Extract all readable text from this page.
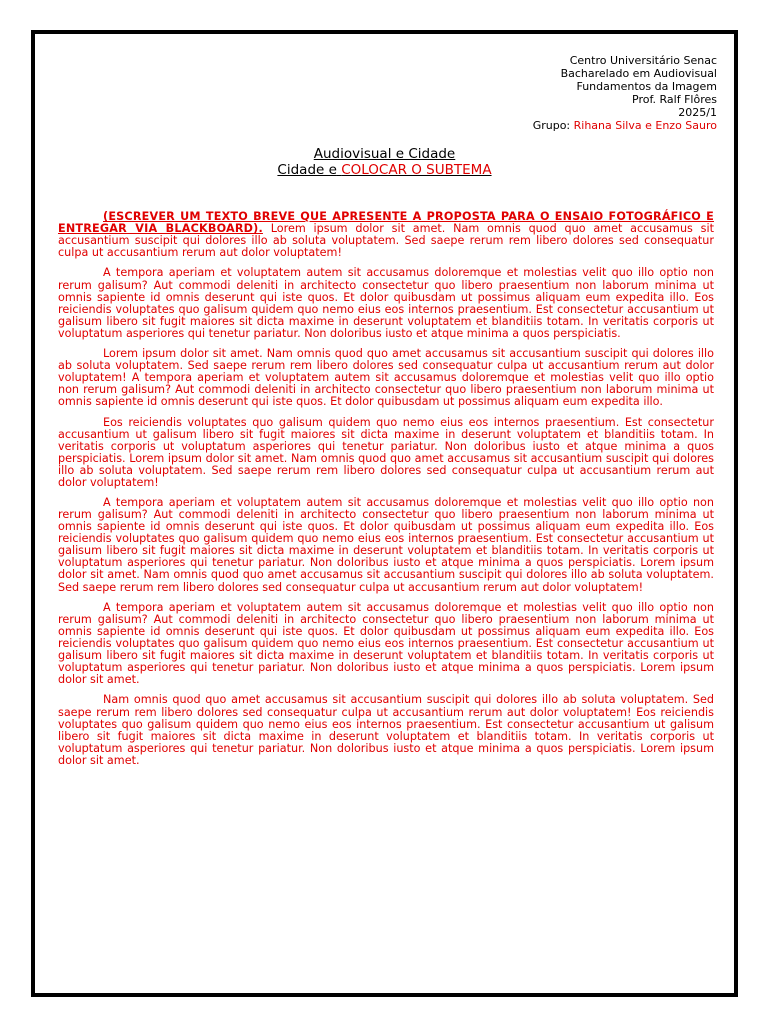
Centro Universitário Senac
Bacharelado em Audiovisual
Fundamentos da Imagem
Prof. Ralf Flôres
2025/1
Grupo: Rihana Silva e Enzo Sauro
Audiovisual e Cidade
Cidade e COLOCAR O SUBTEMA

(ESCREVER UM TEXTO BREVE QUE APRESENTE A PROPOSTA PARA O ENSAIO FOTOGRÁFICO E ENTREGAR VIA BLACKBOARD). Lorem ipsum dolor sit amet. Nam omnis quod quo amet accusamus sit accusantium suscipit qui dolores illo ab soluta voluptatem. Sed saepe rerum rem libero dolores sed consequatur culpa ut accusantium rerum aut dolor voluptatem!

A tempora aperiam et voluptatem autem sit accusamus doloremque et molestias velit quo illo optio non rerum galisum? Aut commodi deleniti in architecto consectetur quo libero praesentium non laborum minima ut omnis sapiente id omnis deserunt qui iste quos. Et dolor quibusdam ut possimus aliquam eum expedita illo. Eos reiciendis voluptates quo galisum quidem quo nemo eius eos internos praesentium. Est consectetur accusantium ut galisum libero sit fugit maiores sit dicta maxime in deserunt voluptatem et blanditiis totam. In veritatis corporis ut voluptatum asperiores qui tenetur pariatur. Non doloribus iusto et atque minima a quos perspiciatis.

Lorem ipsum dolor sit amet. Nam omnis quod quo amet accusamus sit accusantium suscipit qui dolores illo ab soluta voluptatem. Sed saepe rerum rem libero dolores sed consequatur culpa ut accusantium rerum aut dolor voluptatem! A tempora aperiam et voluptatem autem sit accusamus doloremque et molestias velit quo illo optio non rerum galisum? Aut commodi deleniti in architecto consectetur quo libero praesentium non laborum minima ut omnis sapiente id omnis deserunt qui iste quos. Et dolor quibusdam ut possimus aliquam eum expedita illo.

Eos reiciendis voluptates quo galisum quidem quo nemo eius eos internos praesentium. Est consectetur accusantium ut galisum libero sit fugit maiores sit dicta maxime in deserunt voluptatem et blanditiis totam. In veritatis corporis ut voluptatum asperiores qui tenetur pariatur. Non doloribus iusto et atque minima a quos perspiciatis. Lorem ipsum dolor sit amet. Nam omnis quod quo amet accusamus sit accusantium suscipit qui dolores illo ab soluta voluptatem. Sed saepe rerum rem libero dolores sed consequatur culpa ut accusantium rerum aut dolor voluptatem!

A tempora aperiam et voluptatem autem sit accusamus doloremque et molestias velit quo illo optio non rerum galisum? Aut commodi deleniti in architecto consectetur quo libero praesentium non laborum minima ut omnis sapiente id omnis deserunt qui iste quos. Et dolor quibusdam ut possimus aliquam eum expedita illo. Eos reiciendis voluptates quo galisum quidem quo nemo eius eos internos praesentium. Est consectetur accusantium ut galisum libero sit fugit maiores sit dicta maxime in deserunt voluptatem et blanditiis totam. In veritatis corporis ut voluptatum asperiores qui tenetur pariatur. Non doloribus iusto et atque minima a quos perspiciatis. Lorem ipsum dolor sit amet. Nam omnis quod quo amet accusamus sit accusantium suscipit qui dolores illo ab soluta voluptatem. Sed saepe rerum rem libero dolores sed consequatur culpa ut accusantium rerum aut dolor voluptatem!

A tempora aperiam et voluptatem autem sit accusamus doloremque et molestias velit quo illo optio non rerum galisum? Aut commodi deleniti in architecto consectetur quo libero praesentium non laborum minima ut omnis sapiente id omnis deserunt qui iste quos. Et dolor quibusdam ut possimus aliquam eum expedita illo. Eos reiciendis voluptates quo galisum quidem quo nemo eius eos internos praesentium. Est consectetur accusantium ut galisum libero sit fugit maiores sit dicta maxime in deserunt voluptatem et blanditiis totam. In veritatis corporis ut voluptatum asperiores qui tenetur pariatur. Non doloribus iusto et atque minima a quos perspiciatis. Lorem ipsum dolor sit amet.

Nam omnis quod quo amet accusamus sit accusantium suscipit qui dolores illo ab soluta voluptatem. Sed saepe rerum rem libero dolores sed consequatur culpa ut accusantium rerum aut dolor voluptatem! Eos reiciendis voluptates quo galisum quidem quo nemo eius eos internos praesentium. Est consectetur accusantium ut galisum libero sit fugit maiores sit dicta maxime in deserunt voluptatem et blanditiis totam. In veritatis corporis ut voluptatum asperiores qui tenetur pariatur. Non doloribus iusto et atque minima a quos perspiciatis. Lorem ipsum dolor sit amet.
